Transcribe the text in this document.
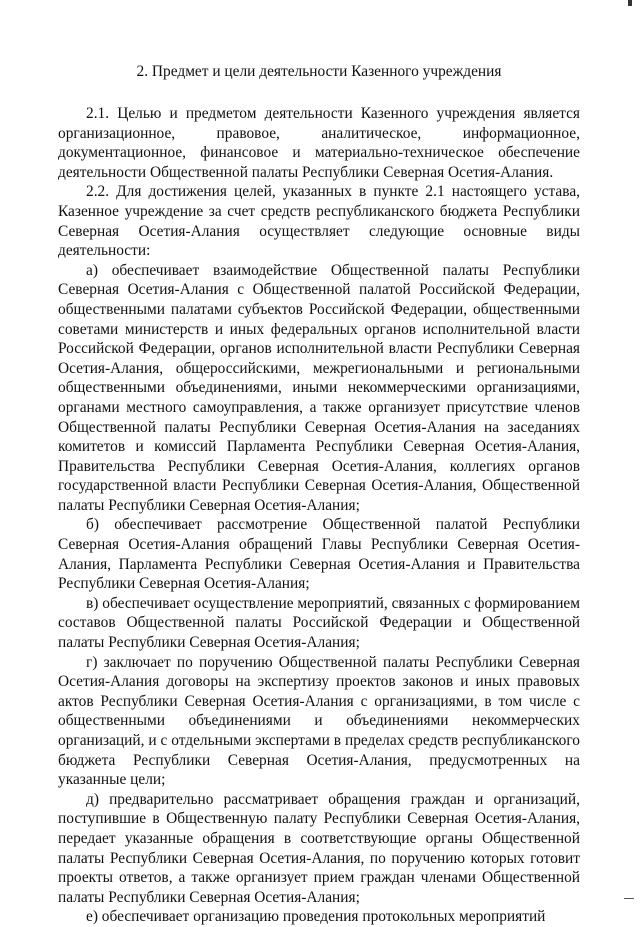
2. Предмет и цели деятельности Казенного учреждения

2.1. Целью и предметом деятельности Казенного учреждения является организационное, правовое, аналитическое, информационное, документационное, финансовое и материально-техническое обеспечение деятельности Общественной палаты Республики Северная Осетия-Алания.

2.2. Для достижения целей, указанных в пункте 2.1 настоящего устава, Казенное учреждение за счет средств республиканского бюджета Республики Северная Осетия-Алания осуществляет следующие основные виды деятельности:

а) обеспечивает взаимодействие Общественной палаты Республики Северная Осетия-Алания с Общественной палатой Российской Федерации, общественными палатами субъектов Российской Федерации, общественными советами министерств и иных федеральных органов исполнительной власти Российской Федерации, органов исполнительной власти Республики Северная Осетия-Алания, общероссийскими, межрегиональными и региональными общественными объединениями, иными некоммерческими организациями, органами местного самоуправления, а также организует присутствие членов Общественной палаты Республики Северная Осетия-Алания на заседаниях комитетов и комиссий Парламента Республики Северная Осетия-Алания, Правительства Республики Северная Осетия-Алания, коллегиях органов государственной власти Республики Северная Осетия-Алания, Общественной палаты Республики Северная Осетия-Алания;

б) обеспечивает рассмотрение Общественной палатой Республики Северная Осетия-Алания обращений Главы Республики Северная Осетия-Алания, Парламента Республики Северная Осетия-Алания и Правительства Республики Северная Осетия-Алания;

в) обеспечивает осуществление мероприятий, связанных с формированием составов Общественной палаты Российской Федерации и Общественной палаты Республики Северная Осетия-Алания;

г) заключает по поручению Общественной палаты Республики Северная Осетия-Алания договоры на экспертизу проектов законов и иных правовых актов Республики Северная Осетия-Алания с организациями, в том числе с общественными объединениями и объединениями некоммерческих организаций, и с отдельными экспертами в пределах средств республиканского бюджета Республики Северная Осетия-Алания, предусмотренных на указанные цели;

д) предварительно рассматривает обращения граждан и организаций, поступившие в Общественную палату Республики Северная Осетия-Алания, передает указанные обращения в соответствующие органы Общественной палаты Республики Северная Осетия-Алания, по поручению которых готовит проекты ответов, а также организует прием граждан членами Общественной палаты Республики Северная Осетия-Алания;

е) обеспечивает организацию проведения протокольных мероприятий
